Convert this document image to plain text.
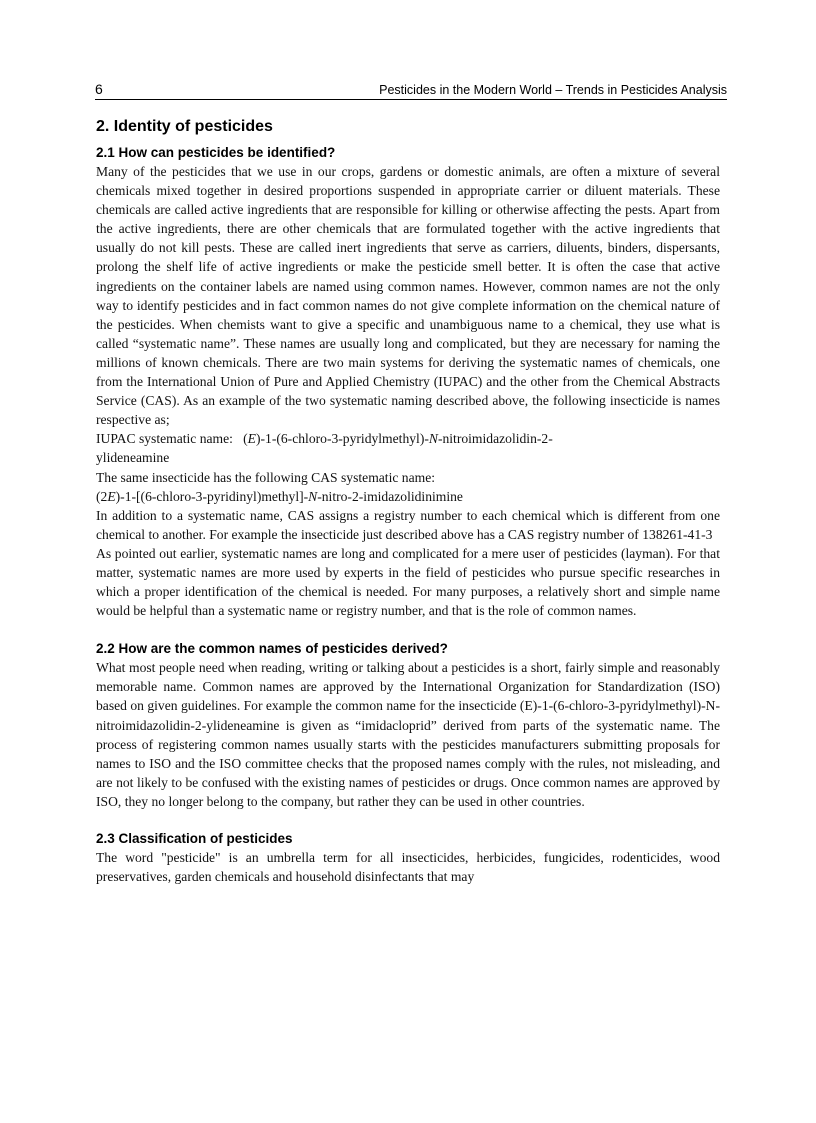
6	Pesticides in the Modern World – Trends in Pesticides Analysis
2. Identity of pesticides
2.1 How can pesticides be identified?

Many of the pesticides that we use in our crops, gardens or domestic animals, are often a mixture of several chemicals mixed together in desired proportions suspended in appropriate carrier or diluent materials. These chemicals are called active ingredients that are responsible for killing or otherwise affecting the pests. Apart from the active ingredients, there are other chemicals that are formulated together with the active ingredients that usually do not kill pests. These are called inert ingredients that serve as carriers, diluents, binders, dispersants, prolong the shelf life of active ingredients or make the pesticide smell better. It is often the case that active ingredients on the container labels are named using common names. However, common names are not the only way to identify pesticides and in fact common names do not give complete information on the chemical nature of the pesticides. When chemists want to give a specific and unambiguous name to a chemical, they use what is called “systematic name”. These names are usually long and complicated, but they are necessary for naming the millions of known chemicals. There are two main systems for deriving the systematic names of chemicals, one from the International Union of Pure and Applied Chemistry (IUPAC) and the other from the Chemical Abstracts Service (CAS). As an example of the two systematic naming described above, the following insecticide is names respective as;

IUPAC systematic name: (E)-1-(6-chloro-3-pyridylmethyl)-N-nitroimidazolidin-2-

ylideneamine

The same insecticide has the following CAS systematic name:

(2E)-1-[(6-chloro-3-pyridinyl)methyl]-N-nitro-2-imidazolidinimine

In addition to a systematic name, CAS assigns a registry number to each chemical which is different from one chemical to another. For example the insecticide just described above has a CAS registry number of 138261-41-3

As pointed out earlier, systematic names are long and complicated for a mere user of pesticides (layman). For that matter, systematic names are more used by experts in the field of pesticides who pursue specific researches in which a proper identification of the chemical is needed. For many purposes, a relatively short and simple name would be helpful than a systematic name or registry number, and that is the role of common names.

2.2 How are the common names of pesticides derived?

What most people need when reading, writing or talking about a pesticides is a short, fairly simple and reasonably memorable name. Common names are approved by the International Organization for Standardization (ISO) based on given guidelines. For example the common name for the insecticide (E)-1-(6-chloro-3-pyridylmethyl)-N-nitroimidazolidin-2-ylideneamine is given as “imidacloprid” derived from parts of the systematic name. The process of registering common names usually starts with the pesticides manufacturers submitting proposals for names to ISO and the ISO committee checks that the proposed names comply with the rules, not misleading, and are not likely to be confused with the existing names of pesticides or drugs. Once common names are approved by ISO, they no longer belong to the company, but rather they can be used in other countries.

2.3 Classification of pesticides

The word "pesticide" is an umbrella term for all insecticides, herbicides, fungicides, rodenticides, wood preservatives, garden chemicals and household disinfectants that may
